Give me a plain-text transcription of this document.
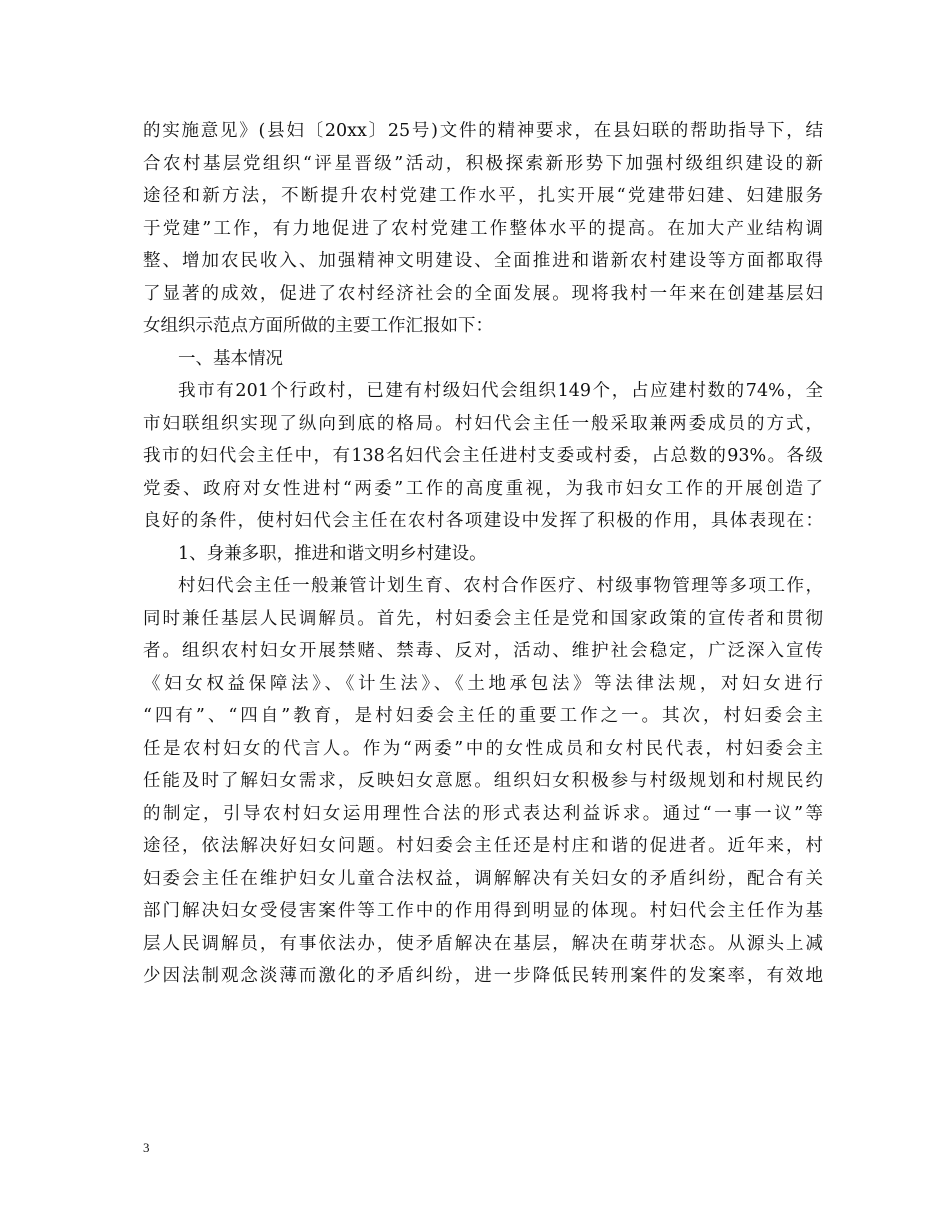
的实施意见》(县妇〔20xx〕25号)文件的精神要求，在县妇联的帮助指导下，结
合农村基层党组织“评星晋级”活动，积极探索新形势下加强村级组织建设的新
途径和新方法，不断提升农村党建工作水平，扎实开展“党建带妇建、妇建服务
于党建”工作，有力地促进了农村党建工作整体水平的提高。在加大产业结构调
整、增加农民收入、加强精神文明建设、全面推进和谐新农村建设等方面都取得
了显著的成效，促进了农村经济社会的全面发展。现将我村一年来在创建基层妇
女组织示范点方面所做的主要工作汇报如下：
一、基本情况
我市有201个行政村，已建有村级妇代会组织149个，占应建村数的74%，全
市妇联组织实现了纵向到底的格局。村妇代会主任一般采取兼两委成员的方式，
我市的妇代会主任中，有138名妇代会主任进村支委或村委，占总数的93%。各级
党委、政府对女性进村“两委”工作的高度重视，为我市妇女工作的开展创造了
良好的条件，使村妇代会主任在农村各项建设中发挥了积极的作用，具体表现在：
1、身兼多职，推进和谐文明乡村建设。
村妇代会主任一般兼管计划生育、农村合作医疗、村级事物管理等多项工作，
同时兼任基层人民调解员。首先，村妇委会主任是党和国家政策的宣传者和贯彻
者。组织农村妇女开展禁赌、禁毒、反对，活动、维护社会稳定，广泛深入宣传
《妇女权益保障法》、《计生法》、《土地承包法》等法律法规，对妇女进行
“四有”、“四自”教育，是村妇委会主任的重要工作之一。其次，村妇委会主
任是农村妇女的代言人。作为“两委”中的女性成员和女村民代表，村妇委会主
任能及时了解妇女需求，反映妇女意愿。组织妇女积极参与村级规划和村规民约
的制定，引导农村妇女运用理性合法的形式表达利益诉求。通过“一事一议”等
途径，依法解决好妇女问题。村妇委会主任还是村庄和谐的促进者。近年来，村
妇委会主任在维护妇女儿童合法权益，调解解决有关妇女的矛盾纠纷，配合有关
部门解决妇女受侵害案件等工作中的作用得到明显的体现。村妇代会主任作为基
层人民调解员，有事依法办，使矛盾解决在基层，解决在萌芽状态。从源头上减
少因法制观念淡薄而激化的矛盾纠纷，进一步降低民转刑案件的发案率，有效地
3
